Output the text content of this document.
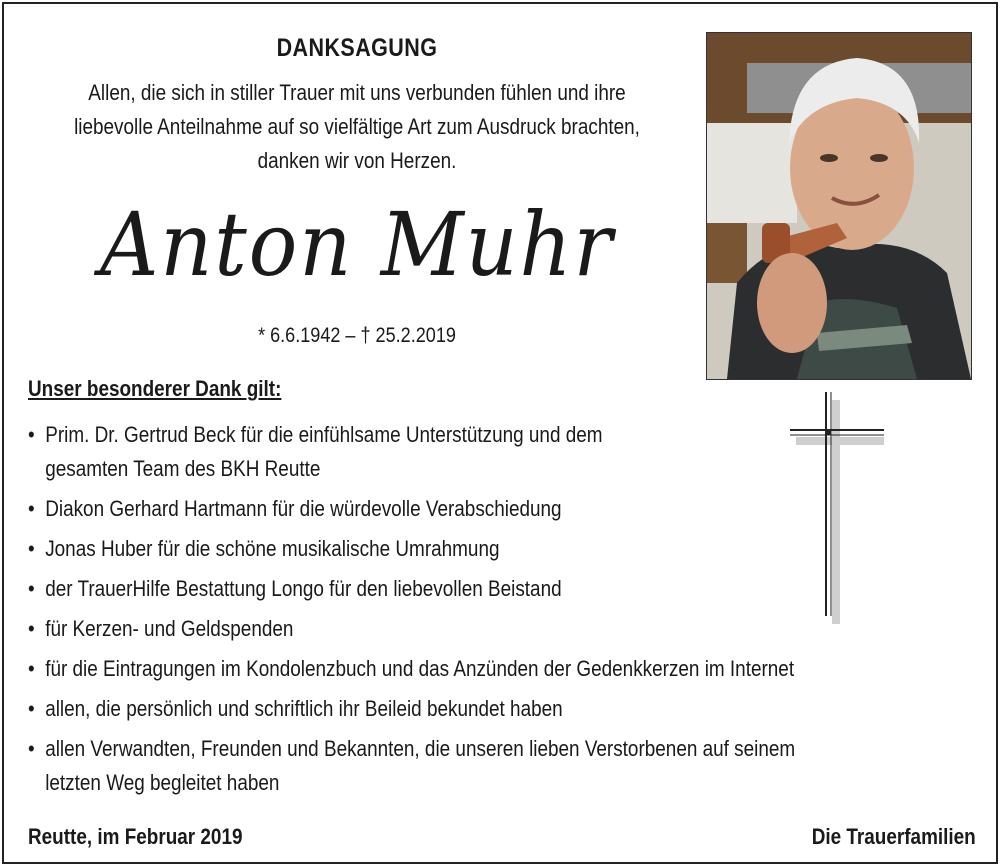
DANKSAGUNG
Allen, die sich in stiller Trauer mit uns verbunden fühlen und ihre
liebevolle Anteilnahme auf so vielfältige Art zum Ausdruck brachten,
danken wir von Herzen.
Anton Muhr
* 6.6.1942 – † 25.2.2019
Unser besonderer Dank gilt:
• Prim. Dr. Gertrud Beck für die einfühlsame Unterstützung und dem
gesamten Team des BKH Reutte
• Diakon Gerhard Hartmann für die würdevolle Verabschiedung
• Jonas Huber für die schöne musikalische Umrahmung
• der TrauerHilfe Bestattung Longo für den liebevollen Beistand
• für Kerzen- und Geldspenden
• für die Eintragungen im Kondolenzbuch und das Anzünden der Gedenkkerzen im Internet
• allen, die persönlich und schriftlich ihr Beileid bekundet haben
• allen Verwandten, Freunden und Bekannten, die unseren lieben Verstorbenen auf seinem
letzten Weg begleitet haben
Reutte, im Februar 2019	Die Trauerfamilien
